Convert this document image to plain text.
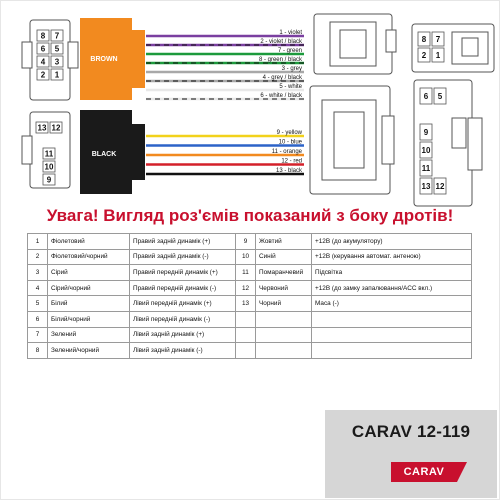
8 7
6 5
4 3
2 1
BROWN
1 - violet
2 - violet / black
7 - green
8 - green / black
3 - grey
4 - grey / black
5 - white
6 - white / black
8 7
2 1
13 12
11
10
9
BLACK
9 - yellow
10 - blue
11 - orange
12 - red
13 - black
6 5
9
10
11
13 12
Увага! Вигляд роз'ємів показаний з боку дротів!
1	Фіолетовий	Правий задній динамік (+)	9	Жовтий	+12В (до акумулятору)
2	Фіолетовий/чорний	Правий задній динамік (-)	10	Синій	+12В (керування автомат. антеною)
3	Сірий	Правий передній динамік (+)	11	Помаранчевий	Підсвітка
4	Сірий/чорний	Правий передній динамік (-)	12	Червоний	+12В (до замку запалювання/ACC вкл.)
5	Білий	Лівий передній динамік (+)	13	Чорний	Маса (-)
6	Білий/чорний	Лівий передній динамік (-)			
7	Зелений	Лівий задній динамік (+)			
8	Зелений/чорний	Лівий задній динамік (-)			
CARAV 12-119
CARAV
